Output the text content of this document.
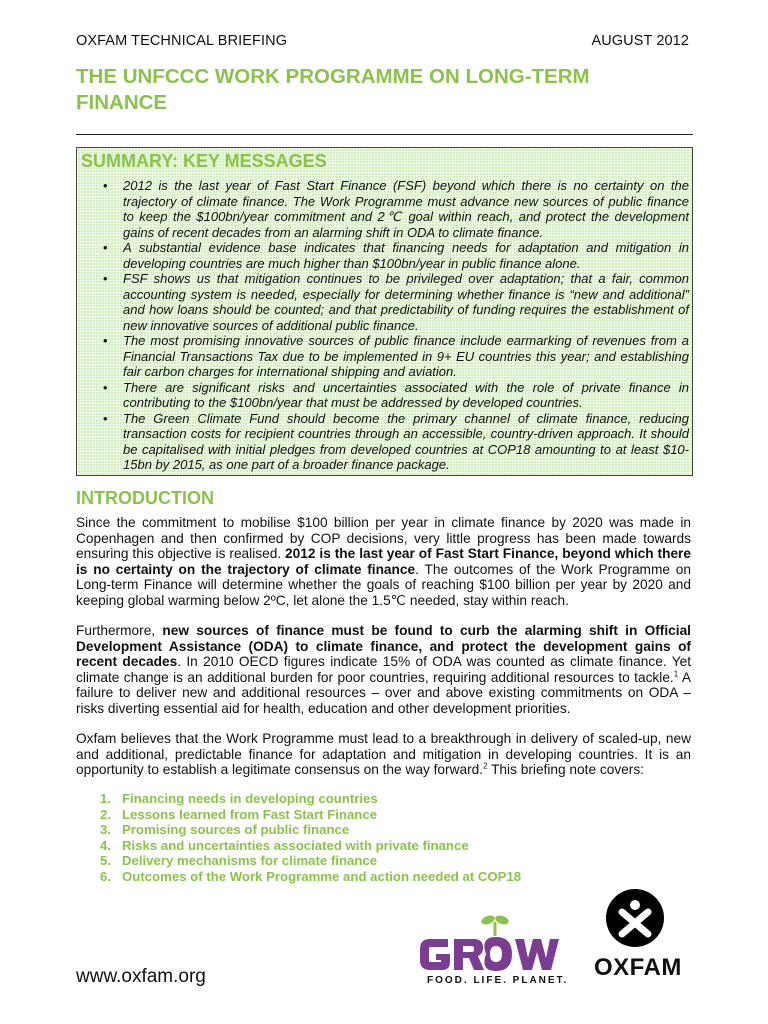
OXFAM TECHNICAL BRIEFING	AUGUST 2012
THE UNFCCC WORK PROGRAMME ON LONG-TERM
FINANCE
SUMMARY: KEY MESSAGES
• 2012 is the last year of Fast Start Finance (FSF) beyond which there is no certainty on the trajectory of climate finance. The Work Programme must advance new sources of public finance to keep the $100bn/year commitment and 2℃ goal within reach, and protect the development gains of recent decades from an alarming shift in ODA to climate finance.
• A substantial evidence base indicates that financing needs for adaptation and mitigation in developing countries are much higher than $100bn/year in public finance alone.
• FSF shows us that mitigation continues to be privileged over adaptation; that a fair, common accounting system is needed, especially for determining whether finance is “new and additional” and how loans should be counted; and that predictability of funding requires the establishment of new innovative sources of additional public finance.
• The most promising innovative sources of public finance include earmarking of revenues from a Financial Transactions Tax due to be implemented in 9+ EU countries this year; and establishing fair carbon charges for international shipping and aviation.
• There are significant risks and uncertainties associated with the role of private finance in contributing to the $100bn/year that must be addressed by developed countries.
• The Green Climate Fund should become the primary channel of climate finance, reducing transaction costs for recipient countries through an accessible, country-driven approach. It should be capitalised with initial pledges from developed countries at COP18 amounting to at least $10-15bn by 2015, as one part of a broader finance package.
INTRODUCTION

Since the commitment to mobilise $100 billion per year in climate finance by 2020 was made in Copenhagen and then confirmed by COP decisions, very little progress has been made towards ensuring this objective is realised. 2012 is the last year of Fast Start Finance, beyond which there is no certainty on the trajectory of climate finance. The outcomes of the Work Programme on Long-term Finance will determine whether the goals of reaching $100 billion per year by 2020 and keeping global warming below 2ºC, let alone the 1.5℃ needed, stay within reach.

Furthermore, new sources of finance must be found to curb the alarming shift in Official Development Assistance (ODA) to climate finance, and protect the development gains of recent decades. In 2010 OECD figures indicate 15% of ODA was counted as climate finance. Yet climate change is an additional burden for poor countries, requiring additional resources to tackle.$^1$ A failure to deliver new and additional resources – over and above existing commitments on ODA – risks diverting essential aid for health, education and other development priorities.

Oxfam believes that the Work Programme must lead to a breakthrough in delivery of scaled-up, new and additional, predictable finance for adaptation and mitigation in developing countries. It is an opportunity to establish a legitimate consensus on the way forward.$^2$ This briefing note covers:

1. Financing needs in developing countries
2. Lessons learned from Fast Start Finance
3. Promising sources of public finance
4. Risks and uncertainties associated with private finance
5. Delivery mechanisms for climate finance
6. Outcomes of the Work Programme and action needed at COP18
www.oxfam.org	FOOD. LIFE. PLANET. OXFAM
